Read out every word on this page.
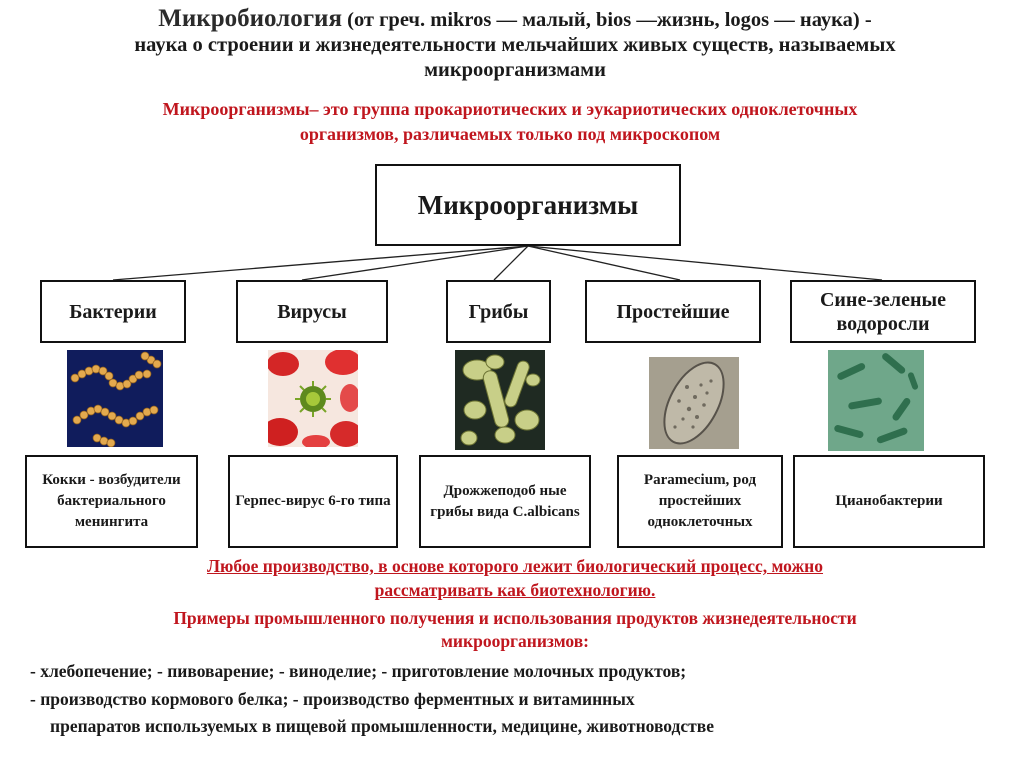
Микробиология (от греч. mikros — малый, bios —жизнь, logos — наука) -
наука о строении и жизнедеятельности мельчайших живых существ, называемых
микроорганизмами
Микроорганизмы– это группа прокариотических и эукариотических одноклеточных
организмов, различаемых только под микроскопом
Микроорганизмы
Бактерии	Вирусы	Грибы	Простейшие
Сине-зеленые водоросли
Кокки - возбудители бактериального менингита
Герпес-вирус 6-го типа
Дрожжеподоб ные грибы вида C.albicans
Paramecium, род простейших одноклеточных
Цианобактерии
Любое производство, в основе которого лежит биологический процесс, можно
рассматривать как биотехнологию.
Примеры промышленного получения и использования продуктов жизнедеятельности
микроорганизмов:
- хлебопечение; - пивоварение; - виноделие; - приготовление молочных продуктов;
- производство кормового белка; - производство ферментных и витаминных
препаратов используемых в пищевой промышленности, медицине, животноводстве
